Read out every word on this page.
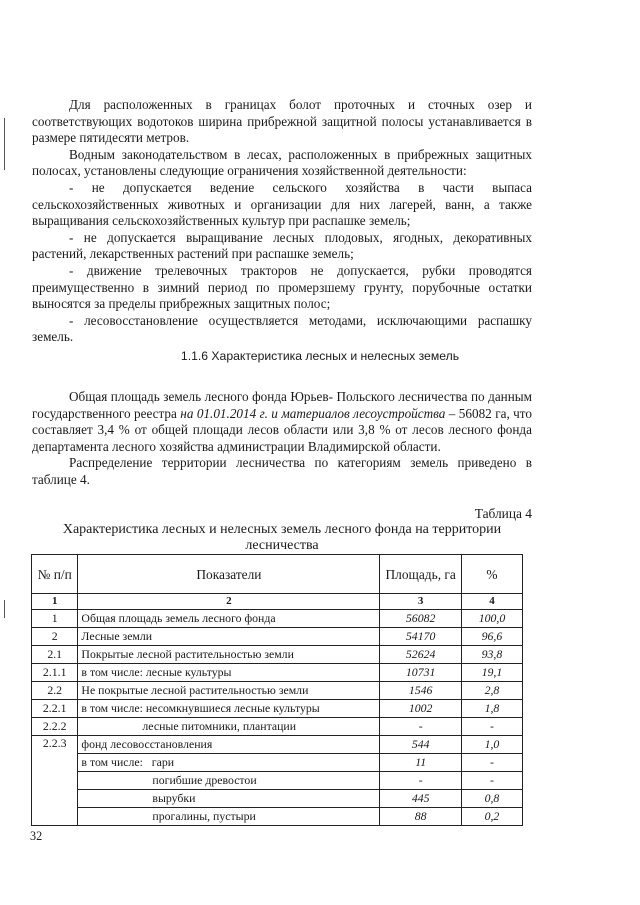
Для расположенных в границах болот проточных и сточных озер и соответствующих водотоков ширина прибрежной защитной полосы устанавливается в размере пятидесяти метров.

Водным законодательством в лесах, расположенных в прибрежных защитных полосах, установлены следующие ограничения хозяйственной деятельности:

- не допускается ведение сельского хозяйства в части выпаса сельскохозяйственных животных и организации для них лагерей, ванн, а также выращивания сельскохозяйственных культур при распашке земель;

- не допускается выращивание лесных плодовых, ягодных, декоративных растений, лекарственных растений при распашке земель;

- движение трелевочных тракторов не допускается, рубки проводятся преимущественно в зимний период по промерзшему грунту, порубочные остатки выносятся за пределы прибрежных защитных полос;

- лесовосстановление осуществляется методами, исключающими распашку земель.

1.1.6 Характеристика лесных и нелесных земель

Общая площадь земель лесного фонда Юрьев- Польского лесничества по данным государственного реестра на 01.01.2014 г. и материалов лесоустройства – 56082 га, что составляет 3,4 % от общей площади лесов области или 3,8 % от лесов лесного фонда департамента лесного хозяйства администрации Владимирской области.

Распределение территории лесничества по категориям земель приведено в таблице 4.

Таблица 4
Характеристика лесных и нелесных земель лесного фонда на территории
лесничества
№ п/п	Показатели	Площадь, га	%
1	2	3	4
1	Общая площадь земель лесного фонда	56082	100,0
2	Лесные земли	54170	96,6
2.1	Покрытые лесной растительностью земли	52624	93,8
2.1.1	в том числе: лесные культуры	10731	19,1
2.2	Не покрытые лесной растительностью земли	1546	2,8
2.2.1	в том числе: несомкнувшиеся лесные культуры	1002	1,8
2.2.2	лесные питомники, плантации	-	-
2.2.3	фонд лесовосстановления	544	1,0
	в том числе:   гари	11	-
	погибшие древостои	-	-
	вырубки	445	0,8
	прогалины, пустыри	88	0,2
32
